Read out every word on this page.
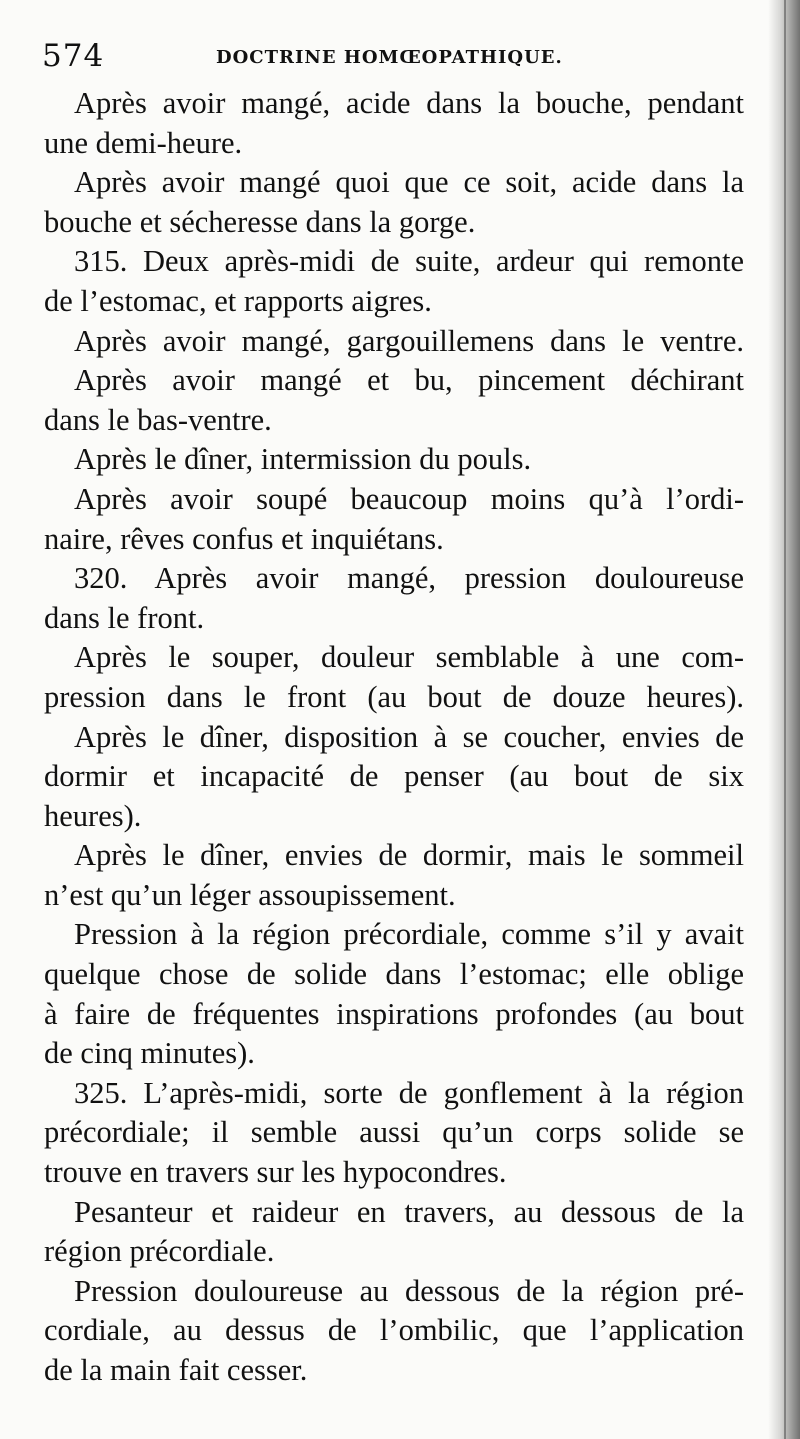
574	DOCTRINE HOMŒOPATHIQUE.
Après avoir mangé, acide dans la bouche, pendant
une demi-heure.
Après avoir mangé quoi que ce soit, acide dans la
bouche et sécheresse dans la gorge.
315. Deux après-midi de suite, ardeur qui remonte
de l’estomac, et rapports aigres.
Après avoir mangé, gargouillemens dans le ventre.
Après avoir mangé et bu, pincement déchirant
dans le bas-ventre.
Après le dîner, intermission du pouls.
Après avoir soupé beaucoup moins qu’à l’ordi-
naire, rêves confus et inquiétans.
320. Après avoir mangé, pression douloureuse
dans le front.
Après le souper, douleur semblable à une com-
pression dans le front (au bout de douze heures).
Après le dîner, disposition à se coucher, envies de
dormir et incapacité de penser (au bout de six
heures).
Après le dîner, envies de dormir, mais le sommeil
n’est qu’un léger assoupissement.
Pression à la région précordiale, comme s’il y avait
quelque chose de solide dans l’estomac; elle oblige
à faire de fréquentes inspirations profondes (au bout
de cinq minutes).
325. L’après-midi, sorte de gonflement à la région
précordiale; il semble aussi qu’un corps solide se
trouve en travers sur les hypocondres.
Pesanteur et raideur en travers, au dessous de la
région précordiale.
Pression douloureuse au dessous de la région pré-
cordiale, au dessus de l’ombilic, que l’application
de la main fait cesser.
